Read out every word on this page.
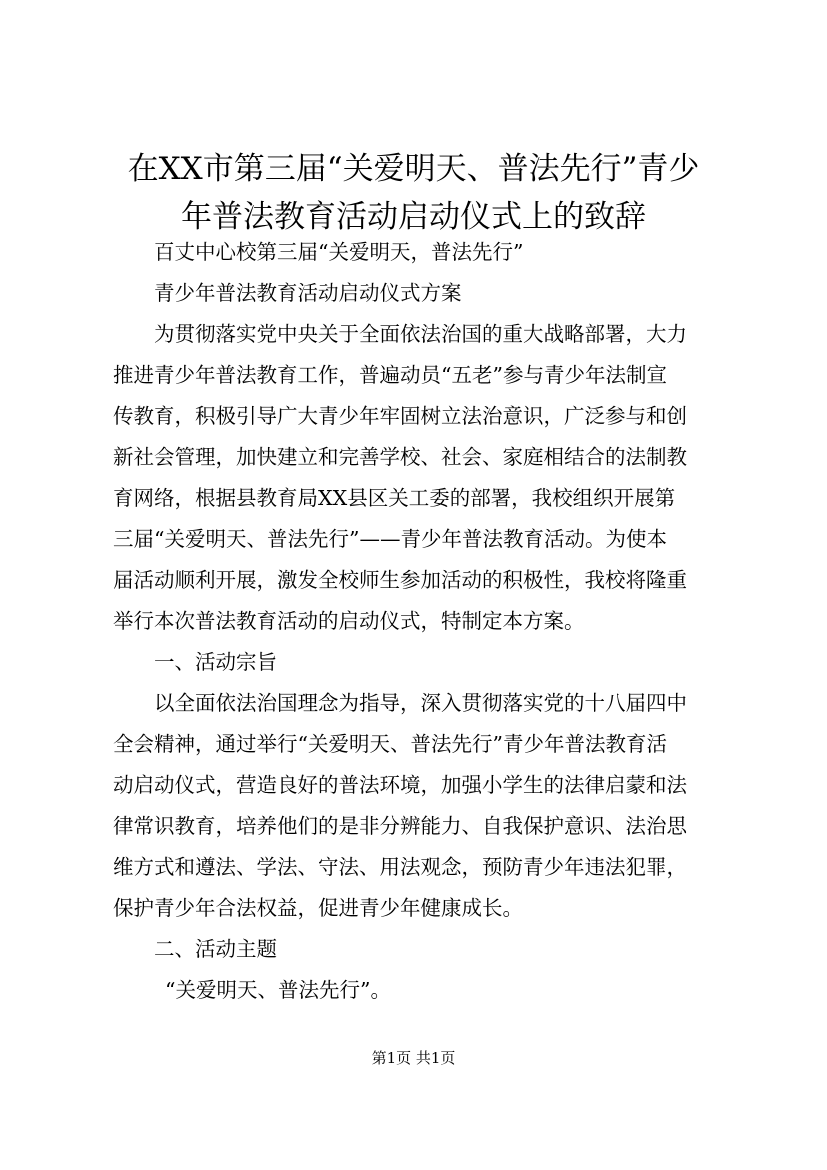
在XX市第三届“关爱明天、普法先行”青少
年普法教育活动启动仪式上的致辞
百丈中心校第三届“关爱明天，普法先行”
青少年普法教育活动启动仪式方案
为贯彻落实党中央关于全面依法治国的重大战略部署，大力
推进青少年普法教育工作，普遍动员“五老”参与青少年法制宣
传教育，积极引导广大青少年牢固树立法治意识，广泛参与和创
新社会管理，加快建立和完善学校、社会、家庭相结合的法制教
育网络，根据县教育局XX县区关工委的部署，我校组织开展第
三届“关爱明天、普法先行”——青少年普法教育活动。为使本
届活动顺利开展，激发全校师生参加活动的积极性，我校将隆重
举行本次普法教育活动的启动仪式，特制定本方案。
一、活动宗旨
以全面依法治国理念为指导，深入贯彻落实党的十八届四中
全会精神，通过举行“关爱明天、普法先行”青少年普法教育活
动启动仪式，营造良好的普法环境，加强小学生的法律启蒙和法
律常识教育，培养他们的是非分辨能力、自我保护意识、法治思
维方式和遵法、学法、守法、用法观念，预防青少年违法犯罪，
保护青少年合法权益，促进青少年健康成长。
二、活动主题
“关爱明天、普法先行”。
第1页 共1页
